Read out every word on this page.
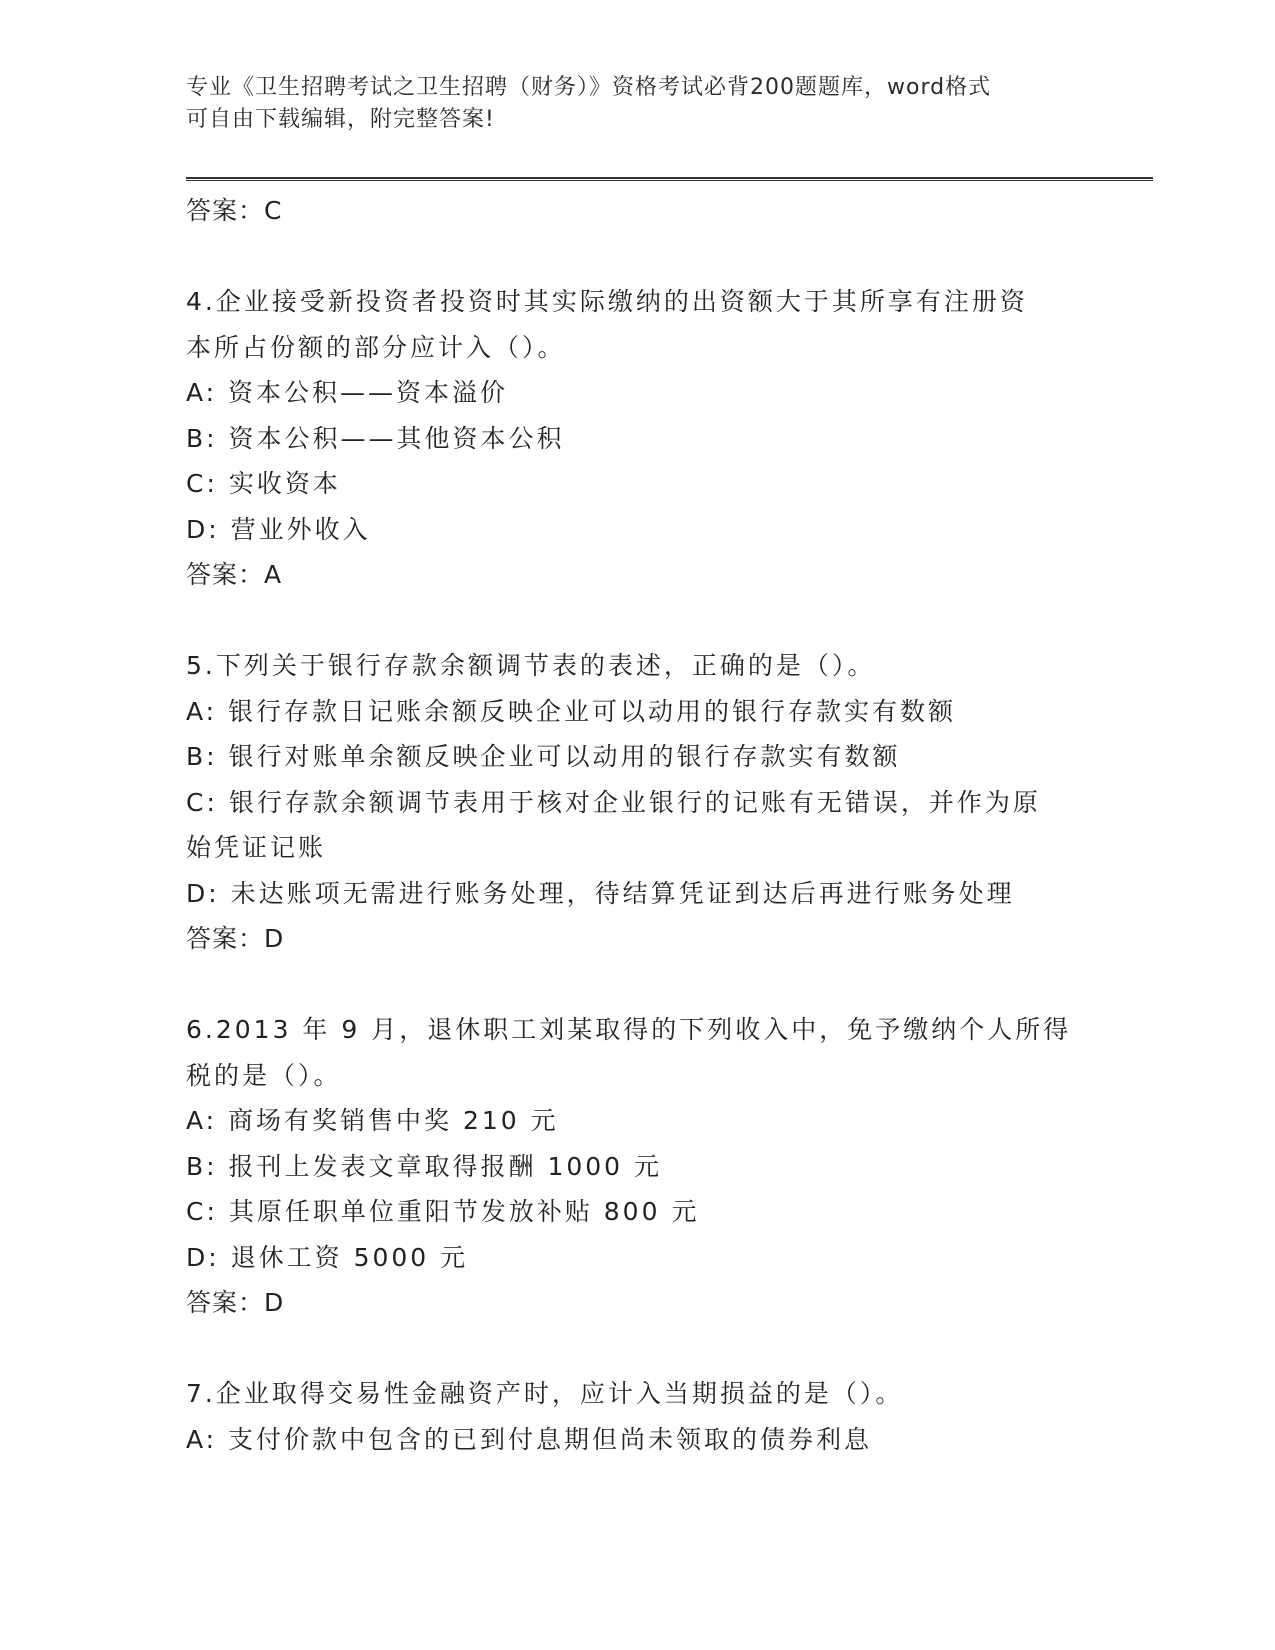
专业《卫生招聘考试之卫生招聘（财务）》资格考试必背200题题库，word格式
可自由下载编辑，附完整答案!
答案：C
4.企业接受新投资者投资时其实际缴纳的出资额大于其所享有注册资
本所占份额的部分应计入（）。
A: 资本公积——资本溢价
B: 资本公积——其他资本公积
C: 实收资本
D: 营业外收入
答案：A
5.下列关于银行存款余额调节表的表述，正确的是（）。
A: 银行存款日记账余额反映企业可以动用的银行存款实有数额
B: 银行对账单余额反映企业可以动用的银行存款实有数额
C: 银行存款余额调节表用于核对企业银行的记账有无错误，并作为原
始凭证记账
D: 未达账项无需进行账务处理，待结算凭证到达后再进行账务处理
答案：D
6.2013 年 9 月，退休职工刘某取得的下列收入中，免予缴纳个人所得
税的是（）。
A: 商场有奖销售中奖 210 元
B: 报刊上发表文章取得报酬 1000 元
C: 其原任职单位重阳节发放补贴 800 元
D: 退休工资 5000 元
答案：D
7.企业取得交易性金融资产时，应计入当期损益的是（）。
A: 支付价款中包含的已到付息期但尚未领取的债券利息
